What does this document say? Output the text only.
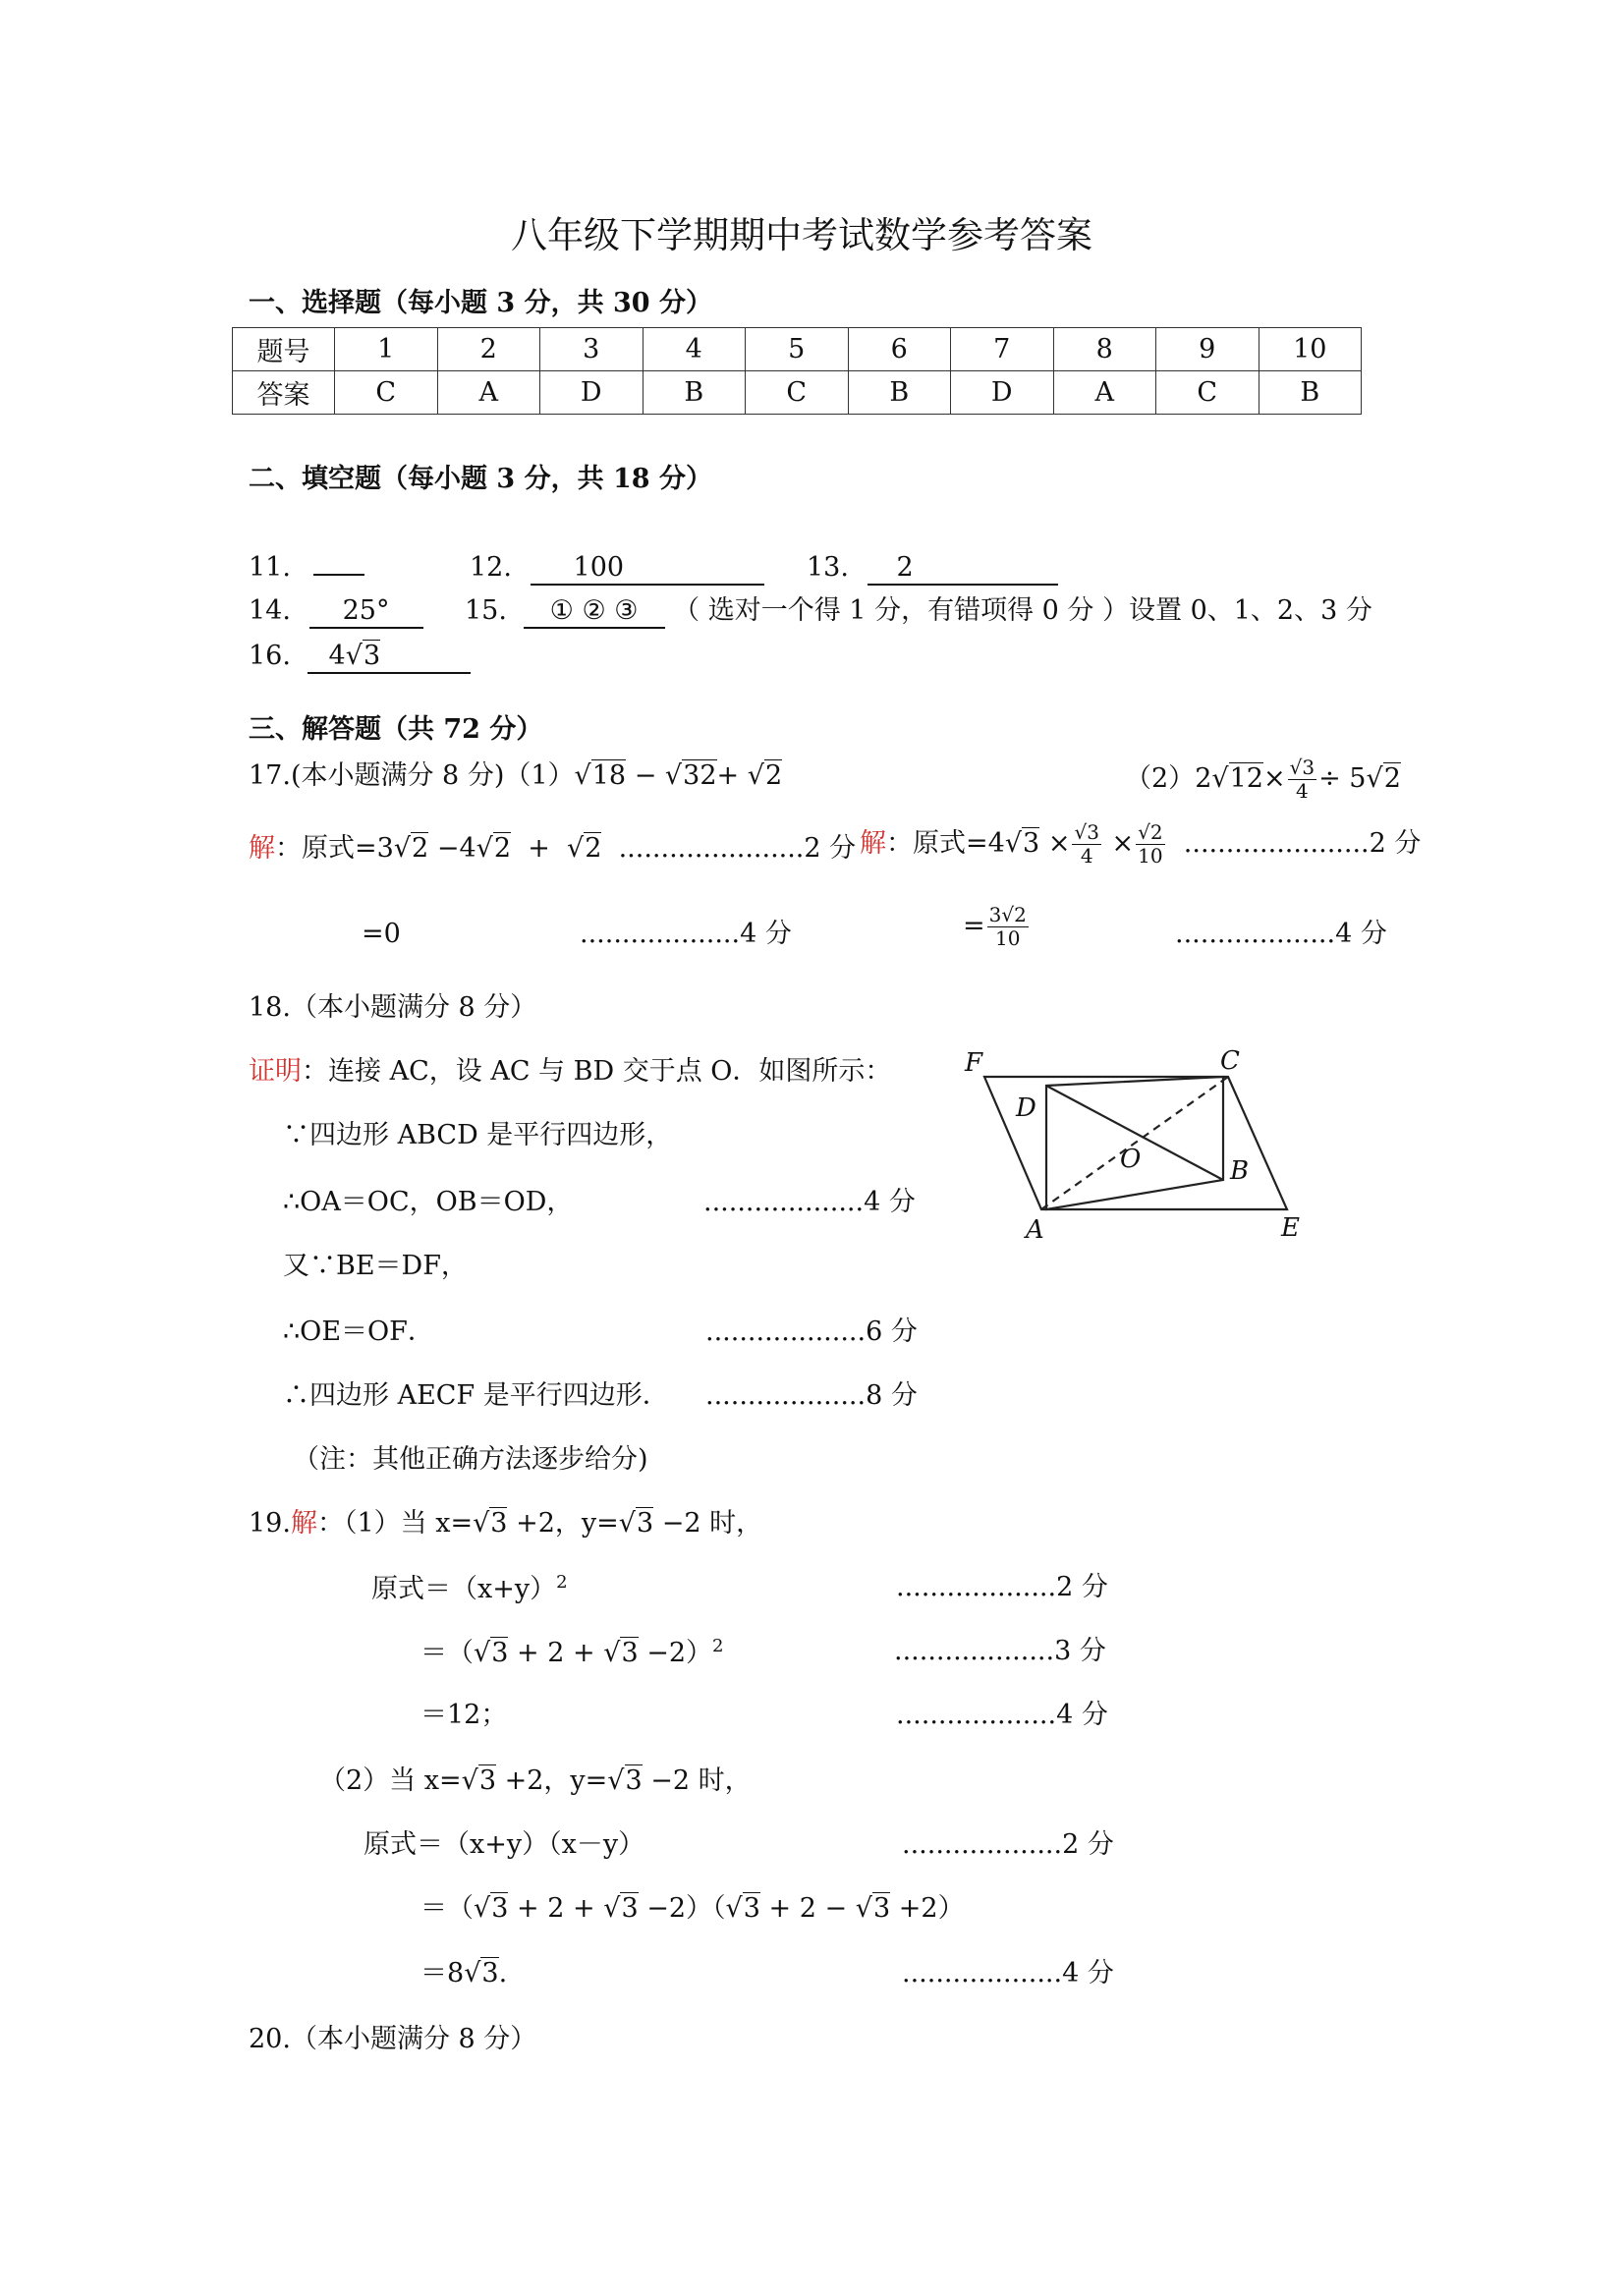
八年级下学期期中考试数学参考答案
一、选择题（每小题 3 分，共 30 分）
题号	1	2	3	4	5	6	7	8	9	10
答案	C	A	D	B	C	B	D	A	C	B
二、填空题（每小题 3 分，共 18 分）
11.	12. 100	13. 2
14. 25°	15. ① ② ③ （ 选对一个得 1 分，有错项得 0 分 ）设置 0、1、2、3 分
16. 4√3
三、解答题（共 72 分）
17.(本小题满分 8 分)（1）√18 − √32+ √2	$(2)2√12\times \frac{√3}{4} \div 5√2$
解：原式=3√2 −4√2 + √2 ......................2 分 解：原式$=4√3 \times \frac{√3}{4} \times \frac{√2}{10} ......................2$ 分
=0	...................4 分	= $\frac{3√2}{10}$	...................4 分
18.（本小题满分 8 分）
证明：连接 AC，设 AC 与 BD 交于点 O．如图所示：
∵四边形 ABCD 是平行四边形，
∴OA＝OC，OB＝OD，	...................4 分
又∵BE＝DF，
∴OE＝OF．	...................6 分
∴四边形 AECF 是平行四边形． ...................8 分
（注：其他正确方法逐步给分)
F	C
D
O	B
A	E
19.解：（1）当 x=√3 +2，y=√3 −2 时，
原式$=(x+y)^2$	...................2 分
$=(√3 + 2 + √3 -2)^2$	...................3 分
＝12；	...................4 分
（2）当 x=√3 +2，y=√3 −2 时，
原式＝（x+y）（x－y）	...................2 分
＝（√3 + 2 + √3 −2）（√3 + 2 − √3 +2）
＝8√3.	...................4 分
20.（本小题满分 8 分）
